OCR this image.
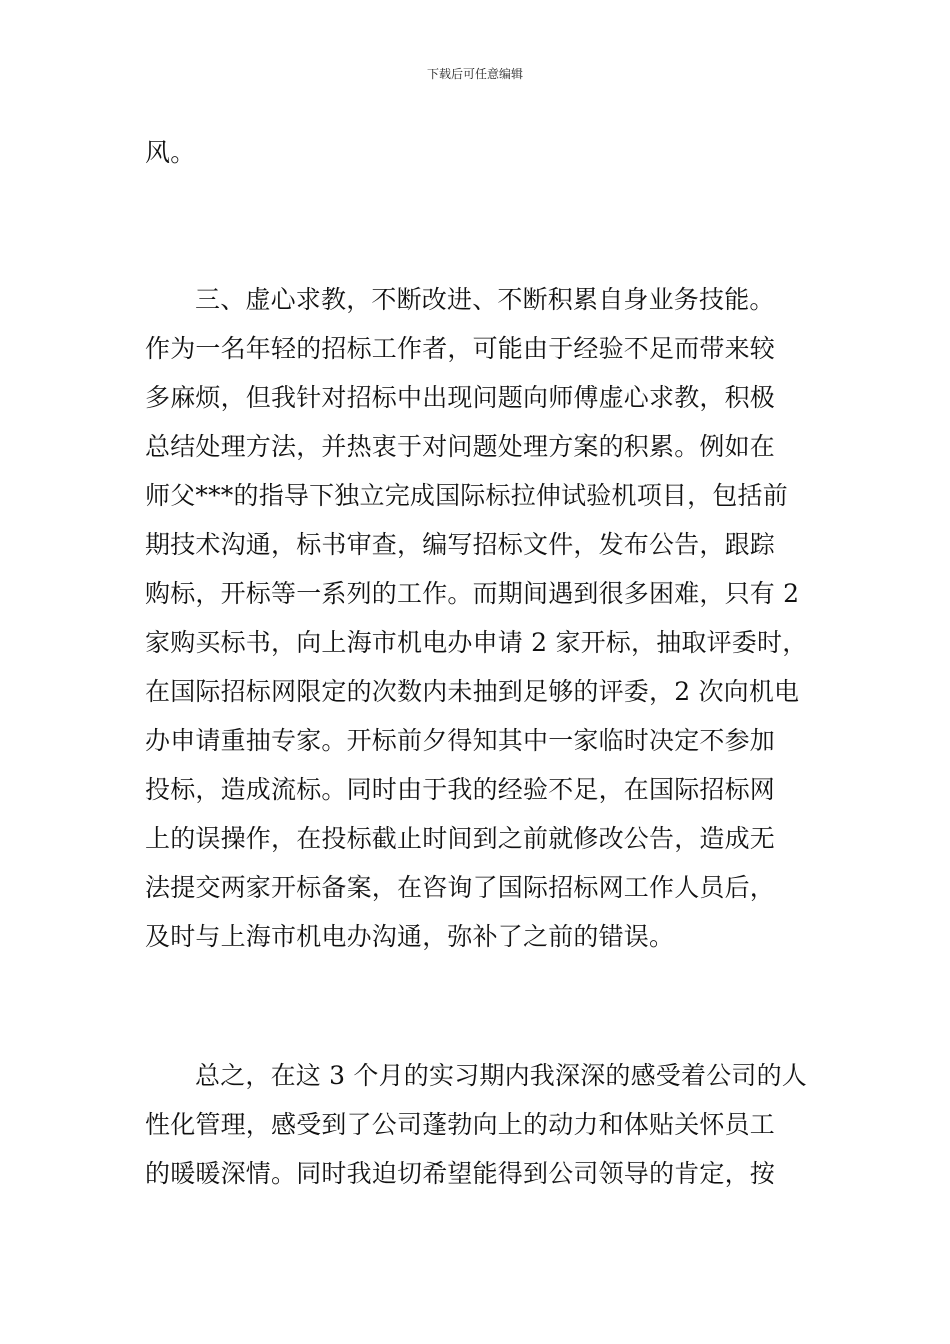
下载后可任意编辑
风。
三、虚心求教，不断改进、不断积累自身业务技能。
作为一名年轻的招标工作者，可能由于经验不足而带来较
多麻烦，但我针对招标中出现问题向师傅虚心求教，积极
总结处理方法，并热衷于对问题处理方案的积累。例如在
师父***的指导下独立完成国际标拉伸试验机项目，包括前
期技术沟通，标书审查，编写招标文件，发布公告，跟踪
购标，开标等一系列的工作。而期间遇到很多困难，只有 2
家购买标书，向上海市机电办申请 2 家开标，抽取评委时，
在国际招标网限定的次数内未抽到足够的评委，2 次向机电
办申请重抽专家。开标前夕得知其中一家临时决定不参加
投标，造成流标。同时由于我的经验不足，在国际招标网
上的误操作，在投标截止时间到之前就修改公告，造成无
法提交两家开标备案，在咨询了国际招标网工作人员后，
及时与上海市机电办沟通，弥补了之前的错误。
总之，在这 3 个月的实习期内我深深的感受着公司的人
性化管理，感受到了公司蓬勃向上的动力和体贴关怀员工
的暖暖深情。同时我迫切希望能得到公司领导的肯定，按
